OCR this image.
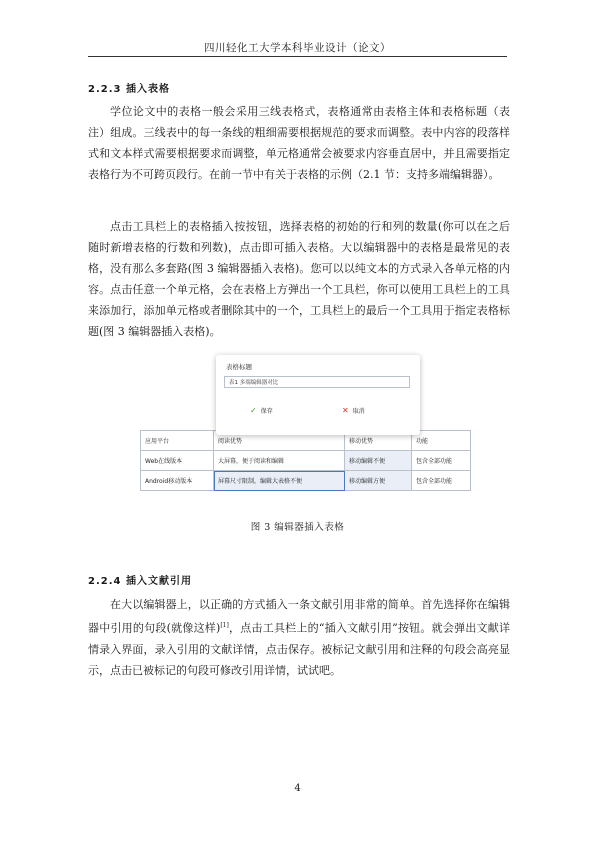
四川轻化工大学本科毕业设计（论文）
2.2.3 插入表格

学位论文中的表格一般会采用三线表格式，表格通常由表格主体和表格标题（表注）组成。三线表中的每一条线的粗细需要根据规范的要求而调整。表中内容的段落样式和文本样式需要根据要求而调整，单元格通常会被要求内容垂直居中，并且需要指定表格行为不可跨页段行。在前一节中有关于表格的示例（2.1 节：支持多端编辑器）。

点击工具栏上的表格插入按按钮，选择表格的初始的行和列的数量(你可以在之后随时新增表格的行数和列数)，点击即可插入表格。大以编辑器中的表格是最常见的表格，没有那么多套路(图 3 编辑器插入表格)。您可以以纯文本的方式录入各单元格的内容。点击任意一个单元格，会在表格上方弹出一个工具栏，你可以使用工具栏上的工具来添加行，添加单元格或者删除其中的一个，工具栏上的最后一个工具用于指定表格标题(图 3 编辑器插入表格)。

应用平台	阅读优势	移动优势	功能
Web在线版本	大屏幕，便于阅读和编辑	移动编辑不便	包含全部功能
Android移动版本	屏幕尺寸限制，编辑大表格不便	移动编辑方便	包含全部功能
表格标题
表1 多端编辑器对比
✓ 保存	✕ 取消
图 3 编辑器插入表格
2.2.4 插入文献引用

在大以编辑器上，以正确的方式插入一条文献引用非常的简单。首先选择你在编辑器中引用的句段(就像这样)[1]，点击工具栏上的“插入文献引用”按钮。就会弹出文献详情录入界面，录入引用的文献详情，点击保存。被标记文献引用和注释的句段会高亮显示，点击已被标记的句段可修改引用详情，试试吧。

4
